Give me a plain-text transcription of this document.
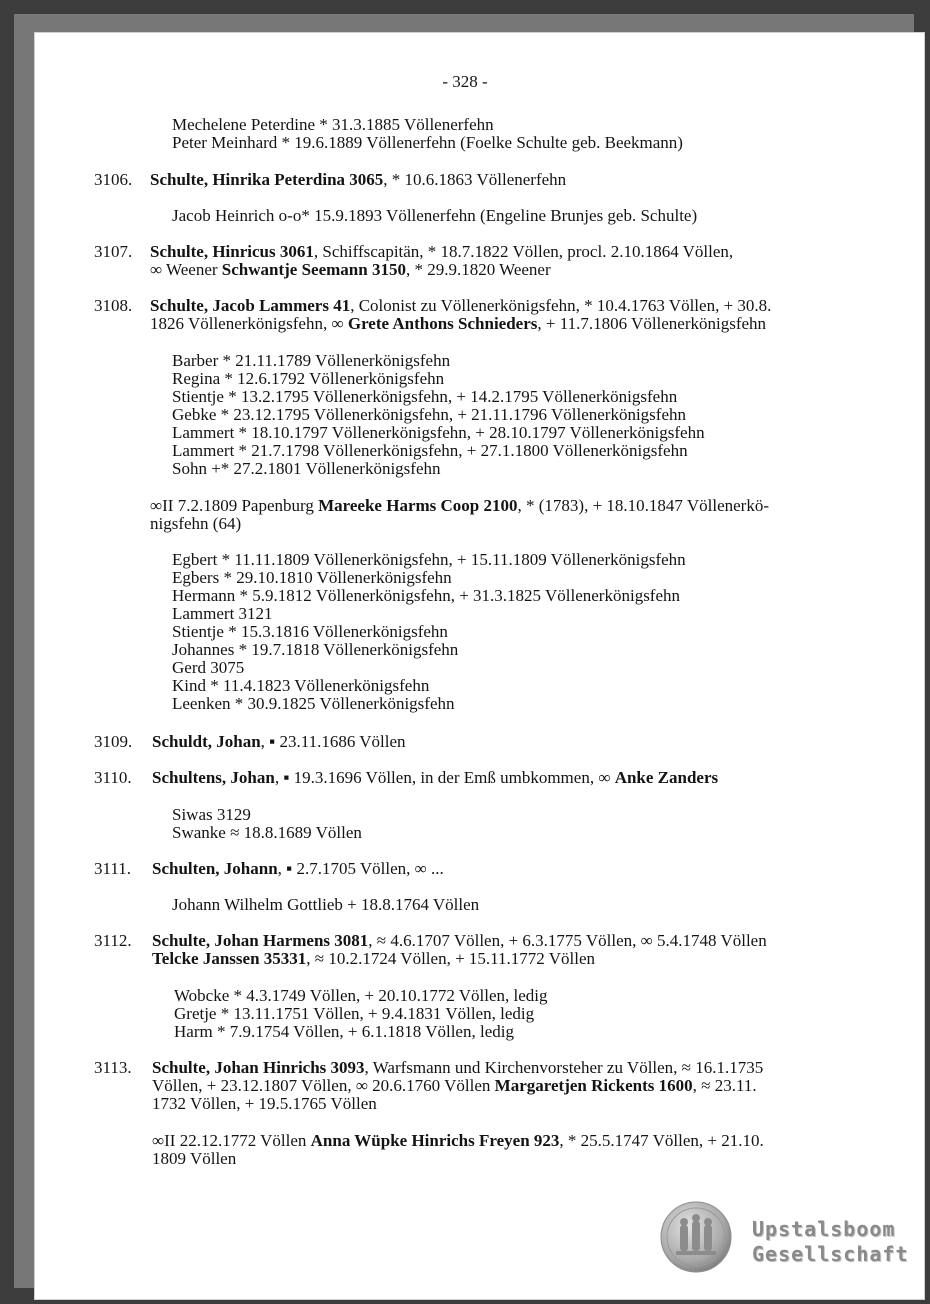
- 328 -
Mechelene Peterdine * 31.3.1885 Völlenerfehn
Peter Meinhard * 19.6.1889 Völlenerfehn (Foelke Schulte geb. Beekmann)
3106. Schulte, Hinrika Peterdina 3065, * 10.6.1863 Völlenerfehn
Jacob Heinrich o-o* 15.9.1893 Völlenerfehn (Engeline Brunjes geb. Schulte)
3107. Schulte, Hinricus 3061, Schiffscapitän, * 18.7.1822 Völlen, procl. 2.10.1864 Völlen,
∞ Weener Schwantje Seemann 3150, * 29.9.1820 Weener
3108. Schulte, Jacob Lammers 41, Colonist zu Völlenerkönigsfehn, * 10.4.1763 Völlen, + 30.8.
1826 Völlenerkönigsfehn, ∞ Grete Anthons Schnieders, + 11.7.1806 Völlenerkönigsfehn
Barber * 21.11.1789 Völlenerkönigsfehn
Regina * 12.6.1792 Völlenerkönigsfehn
Stientje * 13.2.1795 Völlenerkönigsfehn, + 14.2.1795 Völlenerkönigsfehn
Gebke * 23.12.1795 Völlenerkönigsfehn, + 21.11.1796 Völlenerkönigsfehn
Lammert * 18.10.1797 Völlenerkönigsfehn, + 28.10.1797 Völlenerkönigsfehn
Lammert * 21.7.1798 Völlenerkönigsfehn, + 27.1.1800 Völlenerkönigsfehn
Sohn +* 27.2.1801 Völlenerkönigsfehn
∞II 7.2.1809 Papenburg Mareeke Harms Coop 2100, * (1783), + 18.10.1847 Völlenerkö-
nigsfehn (64)
Egbert * 11.11.1809 Völlenerkönigsfehn, + 15.11.1809 Völlenerkönigsfehn
Egbers * 29.10.1810 Völlenerkönigsfehn
Hermann * 5.9.1812 Völlenerkönigsfehn, + 31.3.1825 Völlenerkönigsfehn
Lammert 3121
Stientje * 15.3.1816 Völlenerkönigsfehn
Johannes * 19.7.1818 Völlenerkönigsfehn
Gerd 3075
Kind * 11.4.1823 Völlenerkönigsfehn
Leenken * 30.9.1825 Völlenerkönigsfehn
3109. Schuldt, Johan, ▪ 23.11.1686 Völlen
3110. Schultens, Johan, ▪ 19.3.1696 Völlen, in der Emß umbkommen, ∞ Anke Zanders
Siwas 3129
Swanke ≈ 18.8.1689 Völlen
3111. Schulten, Johann, ▪ 2.7.1705 Völlen, ∞ ...
Johann Wilhelm Gottlieb + 18.8.1764 Völlen
3112. Schulte, Johan Harmens 3081, ≈ 4.6.1707 Völlen, + 6.3.1775 Völlen, ∞ 5.4.1748 Völlen
Telcke Janssen 35331, ≈ 10.2.1724 Völlen, + 15.11.1772 Völlen
Wobcke * 4.3.1749 Völlen, + 20.10.1772 Völlen, ledig
Gretje * 13.11.1751 Völlen, + 9.4.1831 Völlen, ledig
Harm * 7.9.1754 Völlen, + 6.1.1818 Völlen, ledig
3113. Schulte, Johan Hinrichs 3093, Warfsmann und Kirchenvorsteher zu Völlen, ≈ 16.1.1735
Völlen, + 23.12.1807 Völlen, ∞ 20.6.1760 Völlen Margaretjen Rickents 1600, ≈ 23.11.
1732 Völlen, + 19.5.1765 Völlen
∞II 22.12.1772 Völlen Anna Wüpke Hinrichs Freyen 923, * 25.5.1747 Völlen, + 21.10.
1809 Völlen
Upstalsboom
Gesellschaft
